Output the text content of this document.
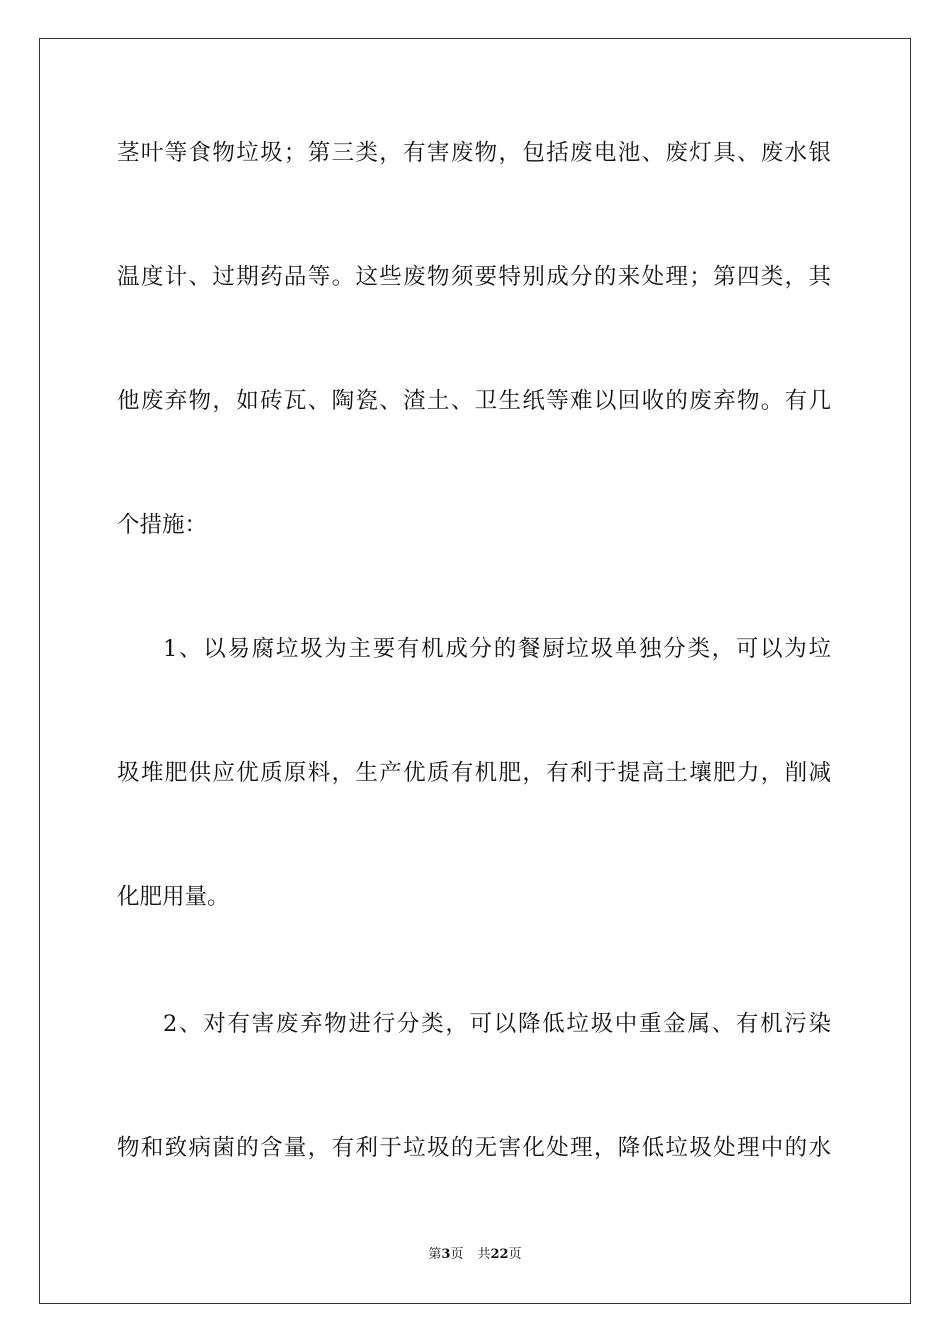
茎叶等食物垃圾；第三类，有害废物，包括废电池、废灯具、废水银
温度计、过期药品等。这些废物须要特别成分的来处理；第四类，其
他废弃物，如砖瓦、陶瓷、渣土、卫生纸等难以回收的废弃物。有几
个措施：
1、以易腐垃圾为主要有机成分的餐厨垃圾单独分类，可以为垃
圾堆肥供应优质原料，生产优质有机肥，有利于提高土壤肥力，削减
化肥用量。
2、对有害废弃物进行分类，可以降低垃圾中重金属、有机污染
物和致病菌的含量，有利于垃圾的无害化处理，降低垃圾处理中的水
第3页 共22页
